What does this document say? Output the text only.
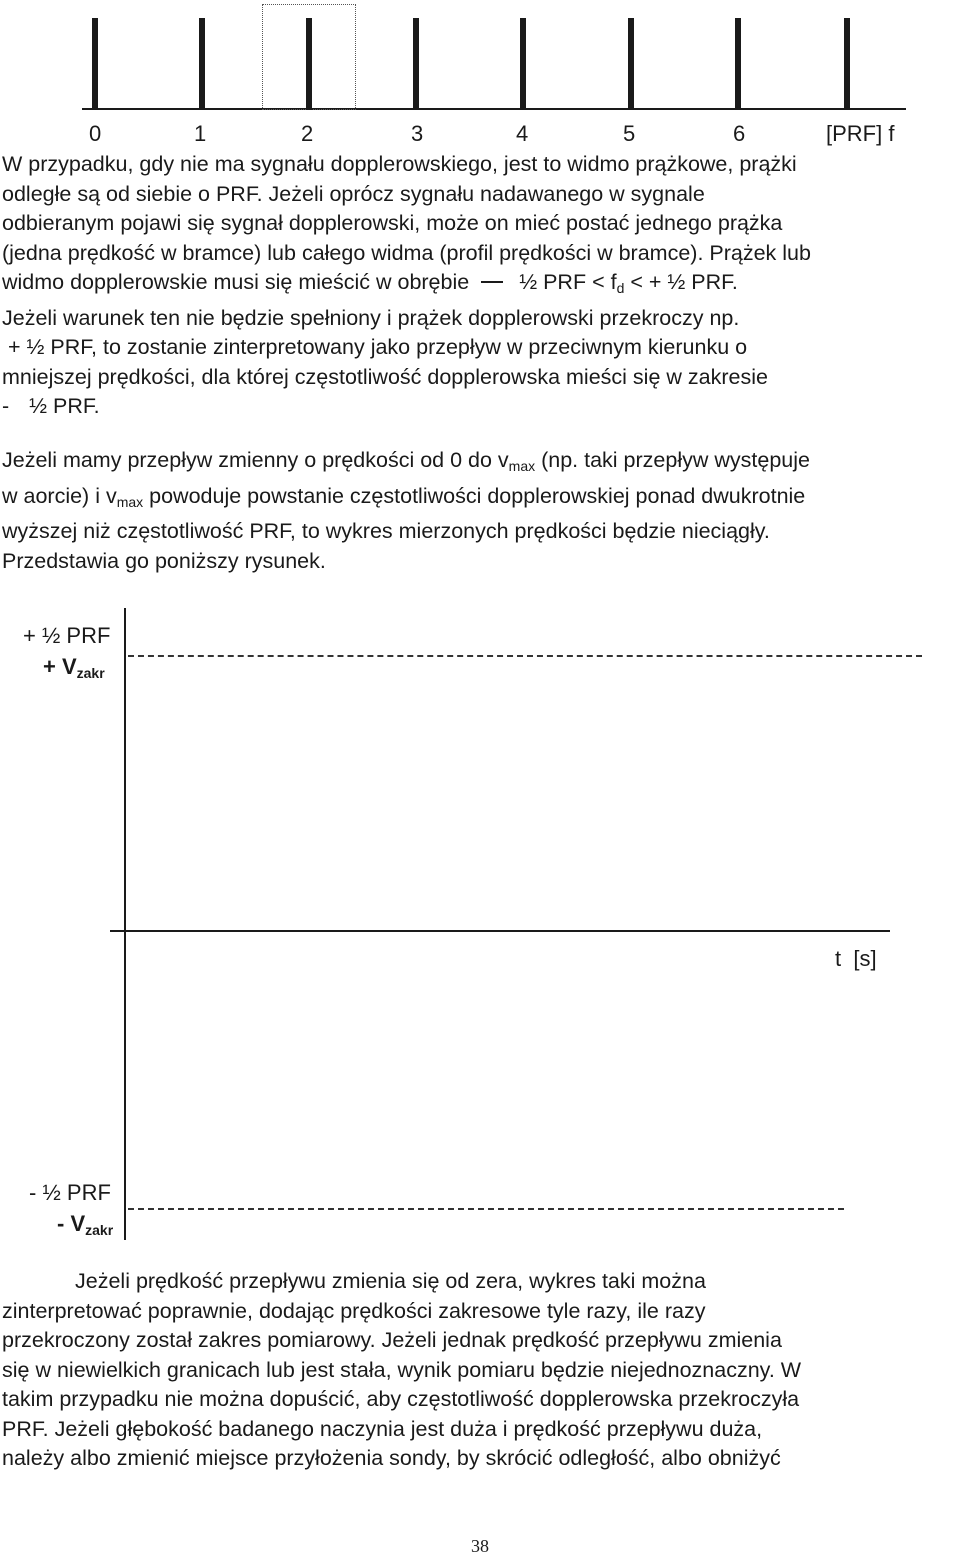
0	1	2	3	4	5	6	[PRF] f
W przypadku, gdy nie ma sygnału dopplerowskiego, jest to widmo prążkowe, prążki
odległe są od siebie o PRF. Jeżeli oprócz sygnału nadawanego w sygnale
odbieranym pojawi się sygnał dopplerowski, może on mieć postać jednego prążka
(jedna prędkość w bramce) lub całego widma (profil prędkości w bramce). Prążek lub
widmo dopplerowskie musi się mieścić w obrębie ½ PRF < $f_d$ < + ½ PRF.
Jeżeli warunek ten nie będzie spełniony i prążek dopplerowski przekroczy np.
+ ½ PRF, to zostanie zinterpretowany jako przepływ w przeciwnym kierunku o
mniejszej prędkości, dla której częstotliwość dopplerowska mieści się w zakresie
- ½ PRF.
Jeżeli mamy przepływ zmienny o prędkości od 0 do $v_{max}$ (np. taki przepływ występuje
w aorcie) i $v_{max}$ powoduje powstanie częstotliwości dopplerowskiej ponad dwukrotnie
wyższej niż częstotliwość PRF, to wykres mierzonych prędkości będzie nieciągły.
Przedstawia go poniższy rysunek.
+ ½ PRF
+ $V_{zakr}$
t  [s]
- ½ PRF
- $V_{zakr}$
Jeżeli prędkość przepływu zmienia się od zera, wykres taki można
zinterpretować poprawnie, dodając prędkości zakresowe tyle razy, ile razy
przekroczony został zakres pomiarowy. Jeżeli jednak prędkość przepływu zmienia
się w niewielkich granicach lub jest stała, wynik pomiaru będzie niejednoznaczny. W
takim przypadku nie można dopuścić, aby częstotliwość dopplerowska przekroczyła
PRF. Jeżeli głębokość badanego naczynia jest duża i prędkość przepływu duża,
należy albo zmienić miejsce przyłożenia sondy, by skrócić odległość, albo obniżyć
38
